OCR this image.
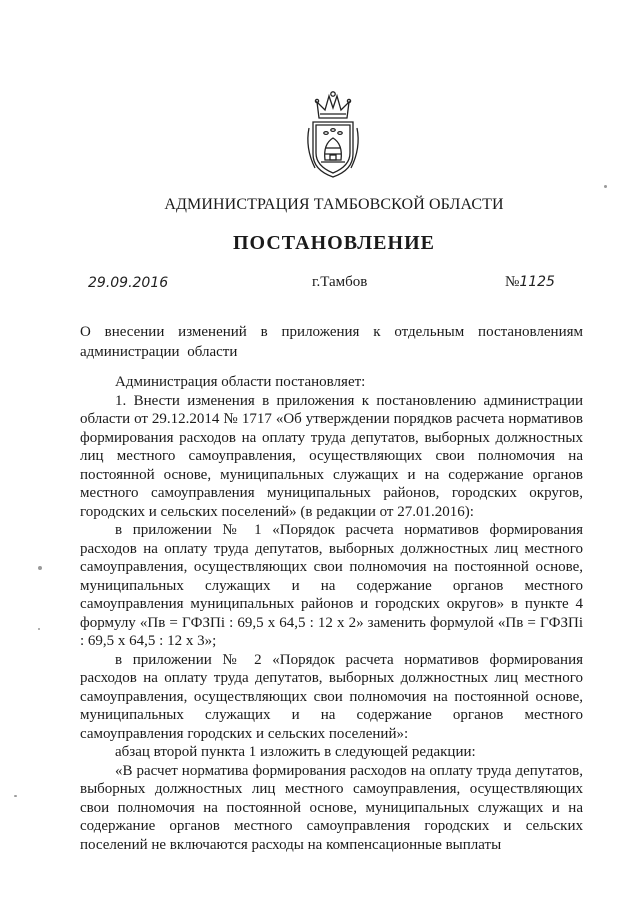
АДМИНИСТРАЦИЯ ТАМБОВСКОЙ ОБЛАСТИ
ПОСТАНОВЛЕНИЕ
29.09.2016	г.Тамбов	№1125
О внесении изменений в приложения к отдельным постановлениям администрации области

Администрация области постановляет:

1. Внести изменения в приложения к постановлению администрации области от 29.12.2014 № 1717 «Об утверждении порядков расчета нормативов формирования расходов на оплату труда депутатов, выборных должностных лиц местного самоуправления, осуществляющих свои полномочия на постоянной основе, муниципальных служащих и на содержание органов местного самоуправления муниципальных районов, городских округов, городских и сельских поселений» (в редакции от 27.01.2016):

в приложении № 1 «Порядок расчета нормативов формирования расходов на оплату труда депутатов, выборных должностных лиц местного самоуправления, осуществляющих свои полномочия на постоянной основе, муниципальных служащих и на содержание органов местного самоуправления муниципальных районов и городских округов» в пункте 4 формулу «Пв = ГФЗПі : 69,5 х 64,5 : 12 х 2» заменить формулой «Пв = ГФЗПі : 69,5 х 64,5 : 12 х 3»;

в приложении № 2 «Порядок расчета нормативов формирования расходов на оплату труда депутатов, выборных должностных лиц местного самоуправления, осуществляющих свои полномочия на постоянной основе, муниципальных служащих и на содержание органов местного самоуправления городских и сельских поселений»:

абзац второй пункта 1 изложить в следующей редакции:

«В расчет норматива формирования расходов на оплату труда депутатов, выборных должностных лиц местного самоуправления, осуществляющих свои полномочия на постоянной основе, муниципальных служащих и на содержание органов местного самоуправления городских и сельских поселений не включаются расходы на компенсационные выплаты
